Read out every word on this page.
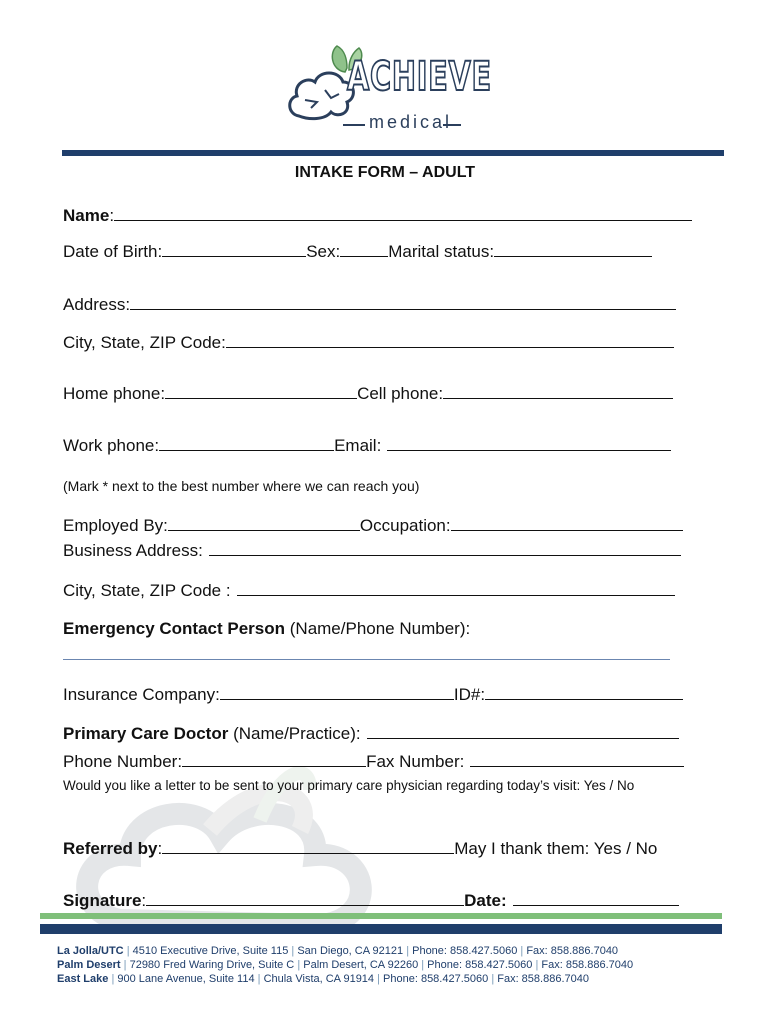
ACHIEVE
medical
INTAKE FORM – ADULT
Name:
Date of Birth:	Sex:	Marital status:
Address:
City, State, ZIP Code:
Home phone:	Cell phone:
Work phone:	Email:
(Mark * next to the best number where we can reach you)
Employed By:	Occupation:
Business Address:
City, State, ZIP Code :
Emergency Contact Person (Name/Phone Number):
Insurance Company:	ID#:
Primary Care Doctor (Name/Practice):
Phone Number:	Fax Number:
Would you like a letter to be sent to your primary care physician regarding today’s visit: Yes / No
Referred by:	May I thank them: Yes / No
Signature:	Date:
La Jolla/UTC | 4510 Executive Drive, Suite 115 | San Diego, CA 92121 | Phone: 858.427.5060 | Fax: 858.886.7040
Palm Desert | 72980 Fred Waring Drive, Suite C | Palm Desert, CA 92260 | Phone: 858.427.5060 | Fax: 858.886.7040
East Lake | 900 Lane Avenue, Suite 114 | Chula Vista, CA 91914 | Phone: 858.427.5060 | Fax: 858.886.7040
